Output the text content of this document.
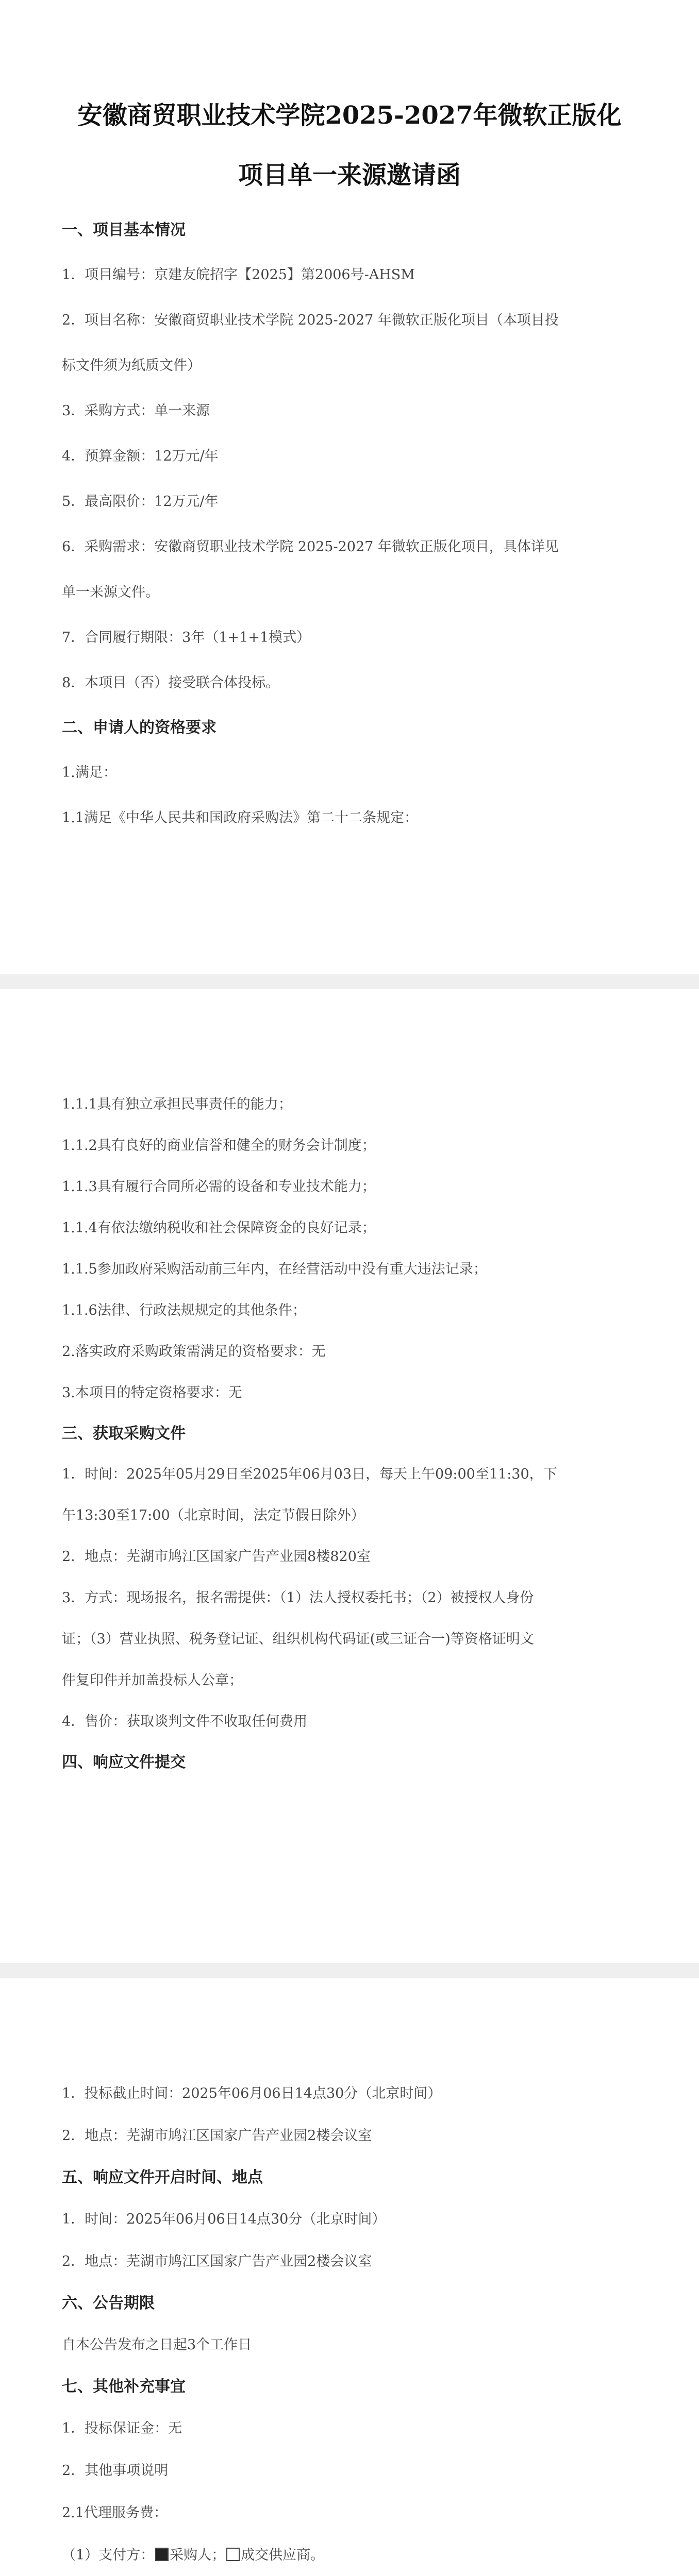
安徽商贸职业技术学院2025-2027年微软正版化

项目单一来源邀请函

一、项目基本情况

1．项目编号：京建友皖招字【2025】第2006号-AHSM

2．项目名称：安徽商贸职业技术学院 2025-2027 年微软正版化项目（本项目投

标文件须为纸质文件）

3．采购方式：单一来源

4．预算金额：12万元/年

5．最高限价：12万元/年

6．采购需求：安徽商贸职业技术学院 2025-2027 年微软正版化项目，具体详见

单一来源文件。

7．合同履行期限：3年（1+1+1模式）

8．本项目（否）接受联合体投标。

二、申请人的资格要求

1.满足：

1.1满足《中华人民共和国政府采购法》第二十二条规定：

1.1.1具有独立承担民事责任的能力；

1.1.2具有良好的商业信誉和健全的财务会计制度；

1.1.3具有履行合同所必需的设备和专业技术能力；

1.1.4有依法缴纳税收和社会保障资金的良好记录；

1.1.5参加政府采购活动前三年内，在经营活动中没有重大违法记录；

1.1.6法律、行政法规规定的其他条件；

2.落实政府采购政策需满足的资格要求：无

3.本项目的特定资格要求：无

三、获取采购文件

1．时间：2025年05月29日至2025年06月03日，每天上午09:00至11:30，下

午13:30至17:00（北京时间，法定节假日除外）

2．地点：芜湖市鸠江区国家广告产业园8楼820室

3．方式：现场报名，报名需提供：（1）法人授权委托书；（2）被授权人身份

证；（3）营业执照、税务登记证、组织机构代码证(或三证合一)等资格证明文

件复印件并加盖投标人公章；

4．售价：获取谈判文件不收取任何费用

四、响应文件提交

1．投标截止时间：2025年06月06日14点30分（北京时间）

2．地点：芜湖市鸠江区国家广告产业园2楼会议室

五、响应文件开启时间、地点

1．时间：2025年06月06日14点30分（北京时间）

2．地点：芜湖市鸠江区国家广告产业园2楼会议室

六、公告期限

自本公告发布之日起3个工作日

七、其他补充事宜

1．投标保证金：无

2．其他事项说明

2.1代理服务费：

（1）支付方： 采购人； 成交供应商。
